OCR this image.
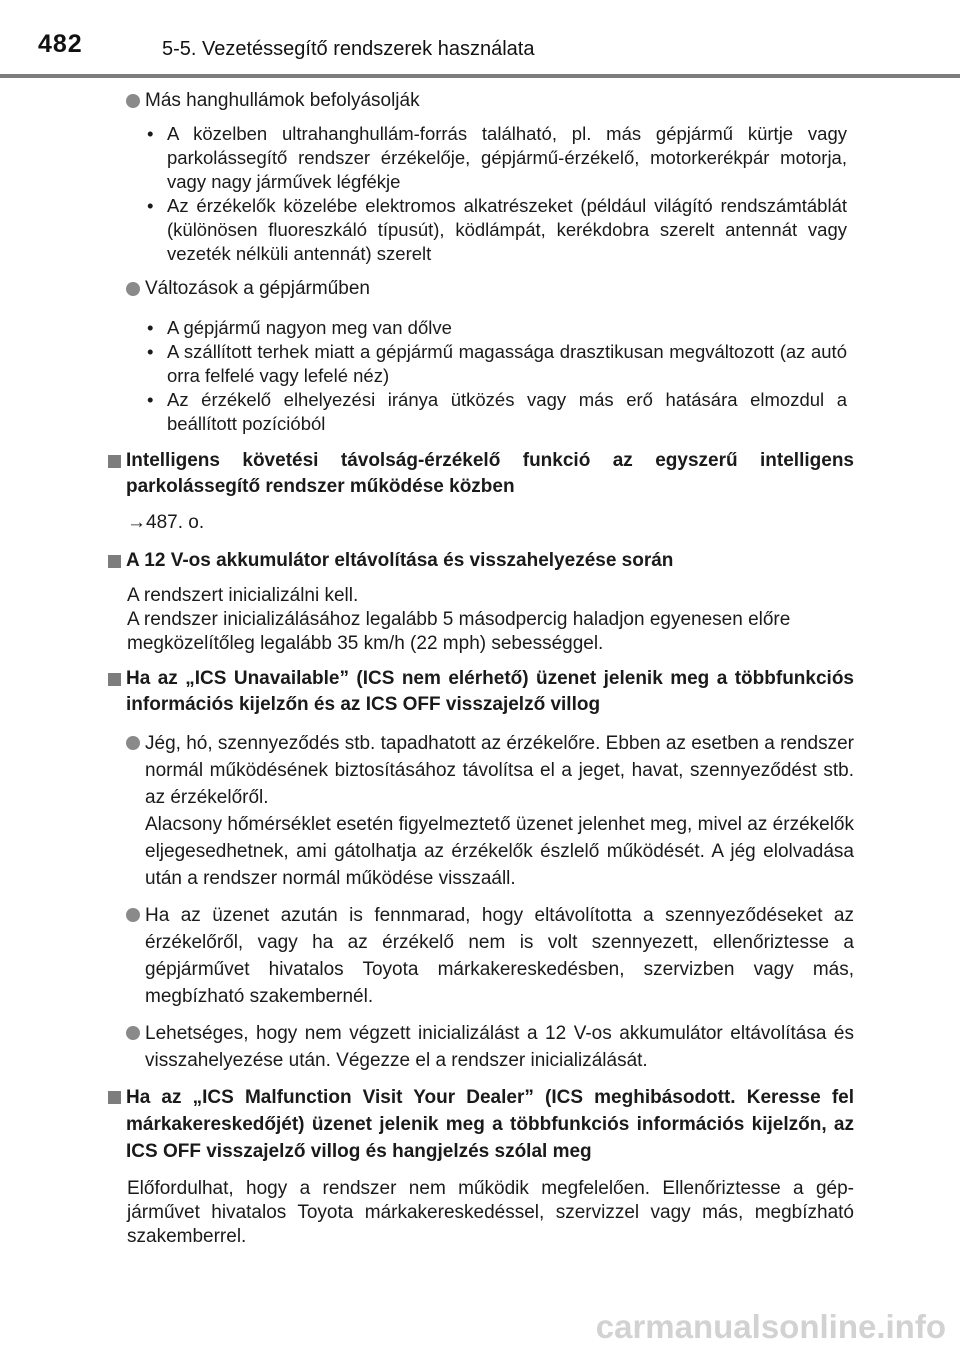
482	5-5. Vezetéssegítő rendszerek használata
Más hanghullámok befolyásolják
• A közelben ultrahanghullám-forrás található, pl. más gépjármű kürtje vagy parkolássegítő rendszer érzékelője, gépjármű-érzékelő, motorkerékpár motorja, vagy nagy járművek légfékje
• Az érzékelők közelébe elektromos alkatrészeket (például világító rendszámtáblát (különösen fluoreszkáló típusút), ködlámpát, kerékdobra szerelt antennát vagy vezeték nélküli antennát) szerelt
Változások a gépjárműben
• A gépjármű nagyon meg van dőlve
• A szállított terhek miatt a gépjármű magassága drasztikusan megváltozott (az autó orra felfelé vagy lefelé néz)
• Az érzékelő elhelyezési iránya ütközés vagy más erő hatására elmozdul a beállított pozícióból
Intelligens követési távolság-érzékelő funkció az egyszerű intelligens parkolássegítő rendszer működése közben

→487. o.

A 12 V-os akkumulátor eltávolítása és visszahelyezése során

A rendszert inicializálni kell.

A rendszer inicializálásához legalább 5 másodpercig haladjon egyenesen előre megközelítőleg legalább 35 km/h (22 mph) sebességgel.

Ha az „ICS Unavailable” (ICS nem elérhető) üzenet jelenik meg a többfunkciós információs kijelzőn és az ICS OFF visszajelző villog

Jég, hó, szennyeződés stb. tapadhatott az érzékelőre. Ebben az esetben a rendszer normál működésének biztosításához távolítsa el a jeget, havat, szennyeződést stb. az érzékelőről.

Alacsony hőmérséklet esetén figyelmeztető üzenet jelenhet meg, mivel az érzékelők eljegesedhetnek, ami gátolhatja az érzékelők észlelő működését. A jég elolvadása után a rendszer normál működése visszaáll.

Ha az üzenet azután is fennmarad, hogy eltávolította a szennyeződéseket az érzékelőről, vagy ha az érzékelő nem is volt szennyezett, ellenőriztesse a gépjárművet hivatalos Toyota márkakereskedésben, szervizben vagy más, megbízható szakembernél.

Lehetséges, hogy nem végzett inicializálást a 12 V-os akkumulátor eltávolítása és visszahelyezése után. Végezze el a rendszer inicializálását.

Ha az „ICS Malfunction Visit Your Dealer” (ICS meghibásodott. Keresse fel márkakereskedőjét) üzenet jelenik meg a többfunkciós információs kijelzőn, az ICS OFF visszajelző villog és hangjelzés szólal meg

Előfordulhat, hogy a rendszer nem működik megfelelően. Ellenőriztesse a gépjárművet hivatalos Toyota márkakereskedéssel, szervizzel vagy más, megbízható szakemberrel.

carmanualsonline.info
